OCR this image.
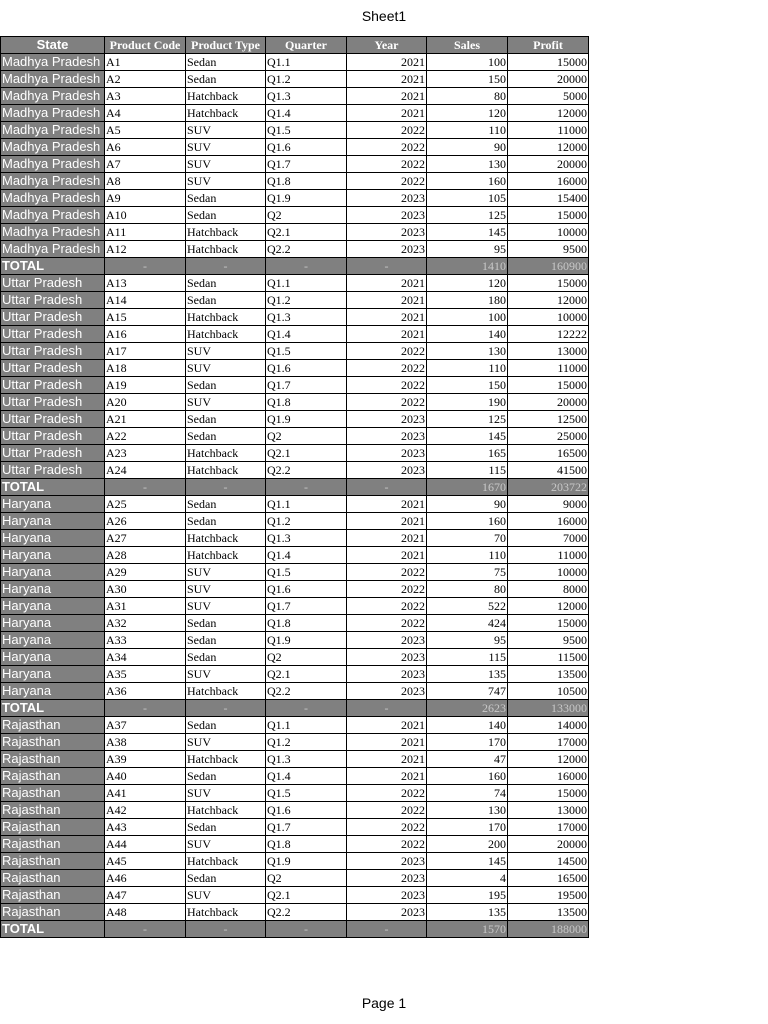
Sheet1
State	Product Code	Product Type	Quarter	Year	Sales	Profit
Madhya Pradesh	A1	Sedan	Q1.1	2021	100	15000
Madhya Pradesh	A2	Sedan	Q1.2	2021	150	20000
Madhya Pradesh	A3	Hatchback	Q1.3	2021	80	5000
Madhya Pradesh	A4	Hatchback	Q1.4	2021	120	12000
Madhya Pradesh	A5	SUV	Q1.5	2022	110	11000
Madhya Pradesh	A6	SUV	Q1.6	2022	90	12000
Madhya Pradesh	A7	SUV	Q1.7	2022	130	20000
Madhya Pradesh	A8	SUV	Q1.8	2022	160	16000
Madhya Pradesh	A9	Sedan	Q1.9	2023	105	15400
Madhya Pradesh	A10	Sedan	Q2	2023	125	15000
Madhya Pradesh	A11	Hatchback	Q2.1	2023	145	10000
Madhya Pradesh	A12	Hatchback	Q2.2	2023	95	9500
TOTAL	-	-	-	-	1410	160900
Uttar Pradesh	A13	Sedan	Q1.1	2021	120	15000
Uttar Pradesh	A14	Sedan	Q1.2	2021	180	12000
Uttar Pradesh	A15	Hatchback	Q1.3	2021	100	10000
Uttar Pradesh	A16	Hatchback	Q1.4	2021	140	12222
Uttar Pradesh	A17	SUV	Q1.5	2022	130	13000
Uttar Pradesh	A18	SUV	Q1.6	2022	110	11000
Uttar Pradesh	A19	Sedan	Q1.7	2022	150	15000
Uttar Pradesh	A20	SUV	Q1.8	2022	190	20000
Uttar Pradesh	A21	Sedan	Q1.9	2023	125	12500
Uttar Pradesh	A22	Sedan	Q2	2023	145	25000
Uttar Pradesh	A23	Hatchback	Q2.1	2023	165	16500
Uttar Pradesh	A24	Hatchback	Q2.2	2023	115	41500
TOTAL	-	-	-	-	1670	203722
Haryana	A25	Sedan	Q1.1	2021	90	9000
Haryana	A26	Sedan	Q1.2	2021	160	16000
Haryana	A27	Hatchback	Q1.3	2021	70	7000
Haryana	A28	Hatchback	Q1.4	2021	110	11000
Haryana	A29	SUV	Q1.5	2022	75	10000
Haryana	A30	SUV	Q1.6	2022	80	8000
Haryana	A31	SUV	Q1.7	2022	522	12000
Haryana	A32	Sedan	Q1.8	2022	424	15000
Haryana	A33	Sedan	Q1.9	2023	95	9500
Haryana	A34	Sedan	Q2	2023	115	11500
Haryana	A35	SUV	Q2.1	2023	135	13500
Haryana	A36	Hatchback	Q2.2	2023	747	10500
TOTAL	-	-	-	-	2623	133000
Rajasthan	A37	Sedan	Q1.1	2021	140	14000
Rajasthan	A38	SUV	Q1.2	2021	170	17000
Rajasthan	A39	Hatchback	Q1.3	2021	47	12000
Rajasthan	A40	Sedan	Q1.4	2021	160	16000
Rajasthan	A41	SUV	Q1.5	2022	74	15000
Rajasthan	A42	Hatchback	Q1.6	2022	130	13000
Rajasthan	A43	Sedan	Q1.7	2022	170	17000
Rajasthan	A44	SUV	Q1.8	2022	200	20000
Rajasthan	A45	Hatchback	Q1.9	2023	145	14500
Rajasthan	A46	Sedan	Q2	2023	4	16500
Rajasthan	A47	SUV	Q2.1	2023	195	19500
Rajasthan	A48	Hatchback	Q2.2	2023	135	13500
TOTAL	-	-	-	-	1570	188000
Page 1
